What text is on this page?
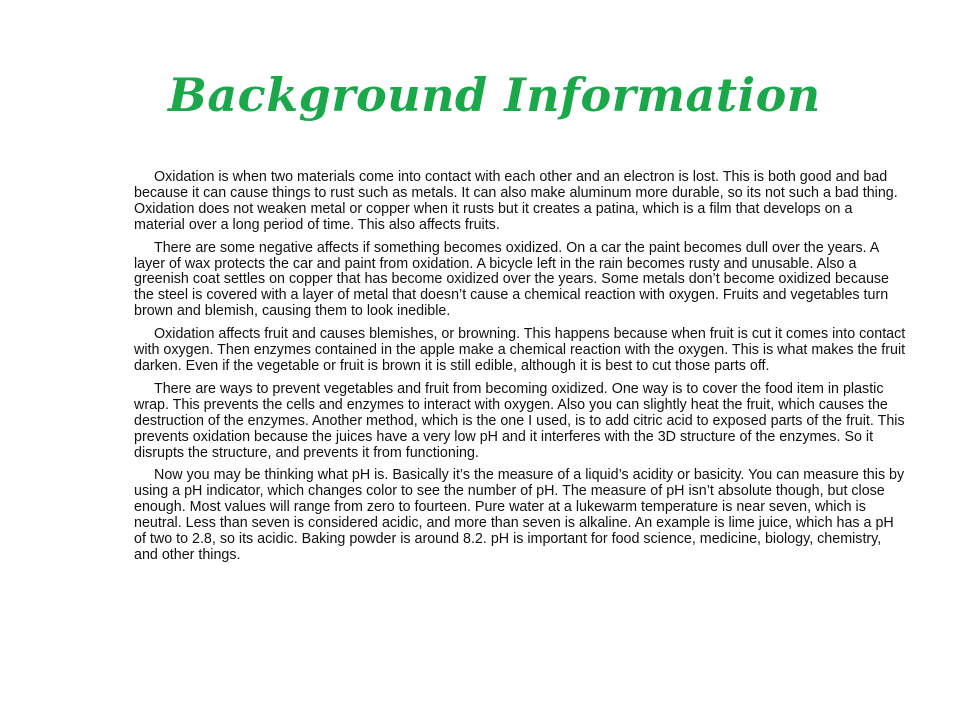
Background Information

Oxidation is when two materials come into contact with each other and an electron is lost. This is both good and bad because it can cause things to rust such as metals. It can also make aluminum more durable, so its not such a bad thing. Oxidation does not weaken metal or copper when it rusts but it creates a patina, which is a film that develops on a material over a long period of time. This also affects fruits.

There are some negative affects if something becomes oxidized. On a car the paint becomes dull over the years. A layer of wax protects the car and paint from oxidation. A bicycle left in the rain becomes rusty and unusable. Also a greenish coat settles on copper that has become oxidized over the years. Some metals don’t become oxidized because the steel is covered with a layer of metal that doesn’t cause a chemical reaction with oxygen. Fruits and vegetables turn brown and blemish, causing them to look inedible.

Oxidation affects fruit and causes blemishes, or browning. This happens because when fruit is cut it comes into contact with oxygen. Then enzymes contained in the apple make a chemical reaction with the oxygen. This is what makes the fruit darken. Even if the vegetable or fruit is brown it is still edible, although it is best to cut those parts off.

There are ways to prevent vegetables and fruit from becoming oxidized. One way is to cover the food item in plastic wrap. This prevents the cells and enzymes to interact with oxygen. Also you can slightly heat the fruit, which causes the destruction of the enzymes. Another method, which is the one I used, is to add citric acid to exposed parts of the fruit. This prevents oxidation because the juices have a very low pH and it interferes with the 3D structure of the enzymes. So it disrupts the structure, and prevents it from functioning.

Now you may be thinking what pH is. Basically it’s the measure of a liquid’s acidity or basicity. You can measure this by using a pH indicator, which changes color to see the number of pH. The measure of pH isn’t absolute though, but close enough. Most values will range from zero to fourteen. Pure water at a lukewarm temperature is near seven, which is neutral. Less than seven is considered acidic, and more than seven is alkaline. An example is lime juice, which has a pH of two to 2.8, so its acidic. Baking powder is around 8.2. pH is important for food science, medicine, biology, chemistry, and other things.
